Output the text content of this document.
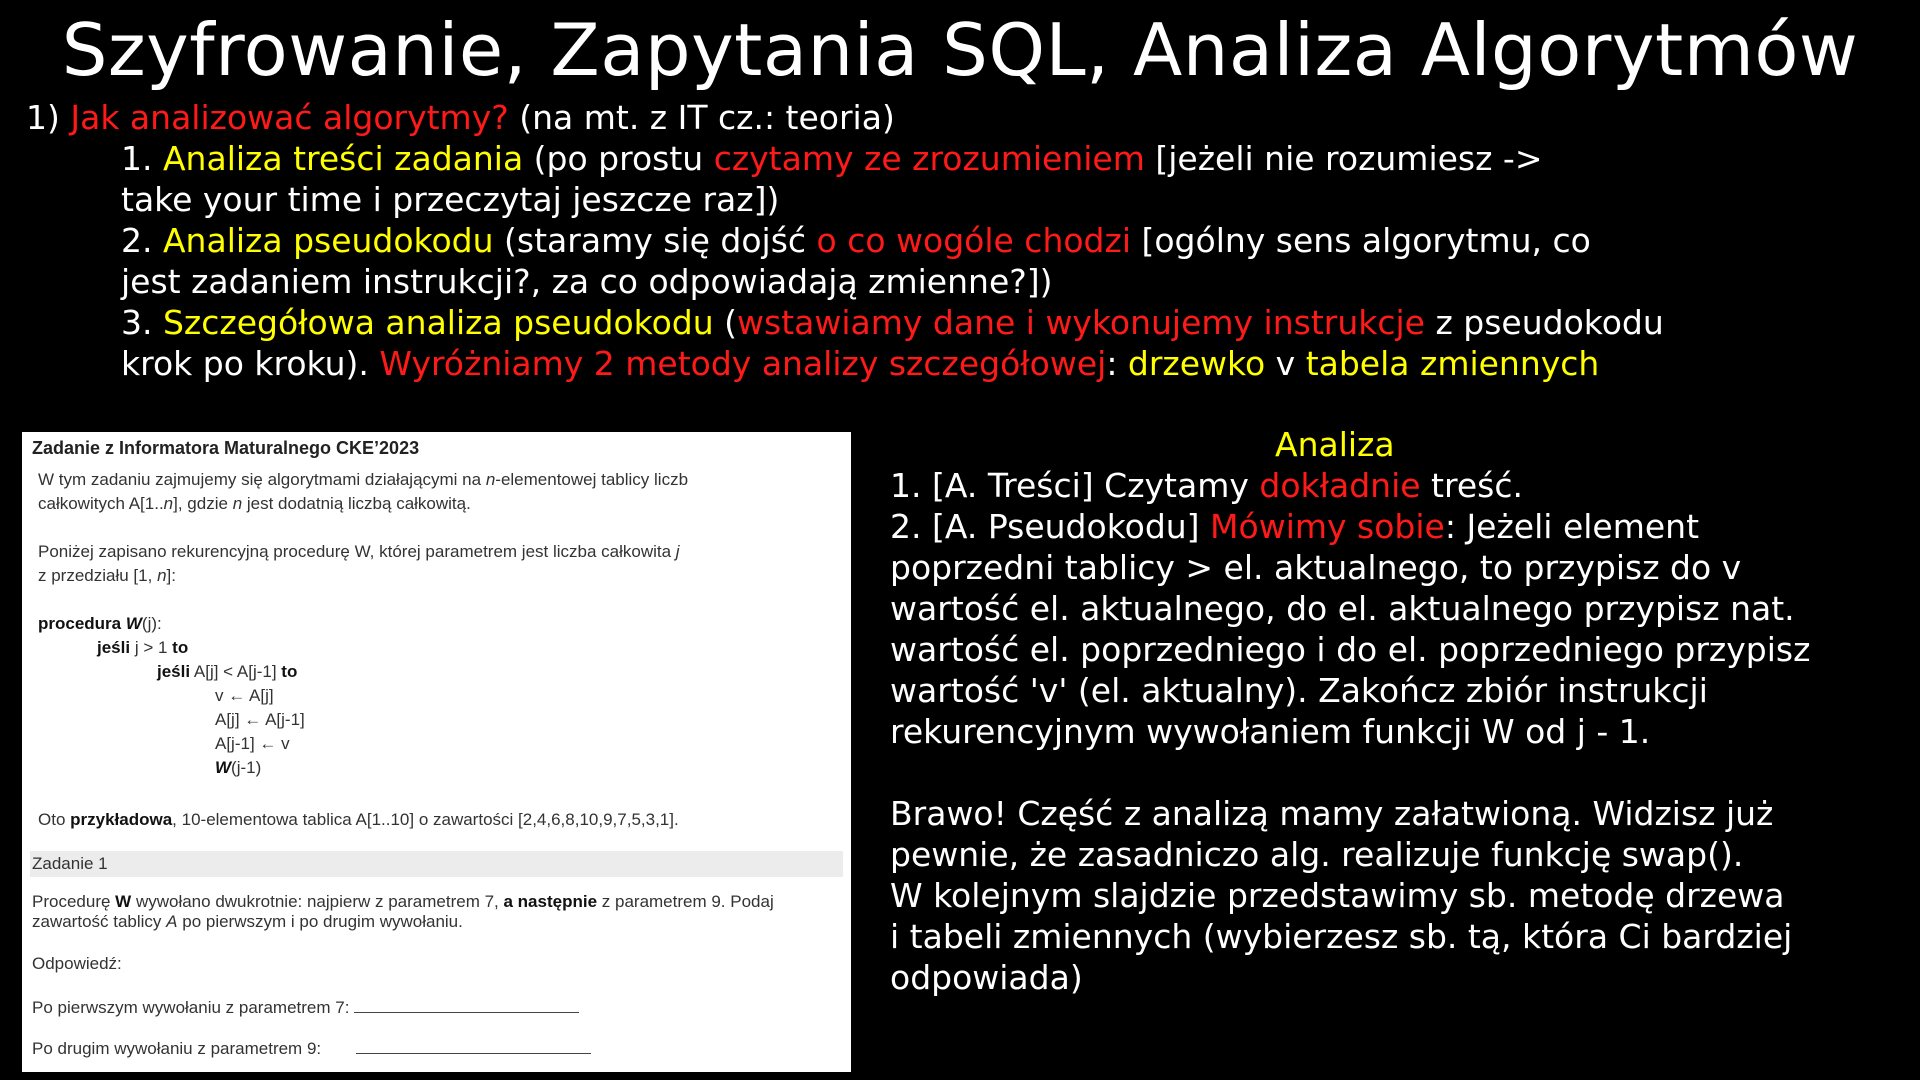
Szyfrowanie, Zapytania SQL, Analiza Algorytmów
1) Jak analizować algorytmy? (na mt. z IT cz.: teoria)
1. Analiza treści zadania (po prostu czytamy ze zrozumieniem [jeżeli nie rozumiesz ->
take your time i przeczytaj jeszcze raz])
2. Analiza pseudokodu (staramy się dojść o co wogóle chodzi [ogólny sens algorytmu, co
jest zadaniem instrukcji?, za co odpowiadają zmienne?])
3. Szczegółowa analiza pseudokodu (wstawiamy dane i wykonujemy instrukcje z pseudokodu
krok po kroku). Wyróżniamy 2 metody analizy szczegółowej: drzewko v tabela zmiennych
Zadanie z Informatora Maturalnego CKE’2023
W tym zadaniu zajmujemy się algorytmami działającymi na n-elementowej tablicy liczb
całkowitych A[1..n], gdzie n jest dodatnią liczbą całkowitą.
Poniżej zapisano rekurencyjną procedurę W, której parametrem jest liczba całkowita j
z przedziału [1, n]:
procedura W(j):
jeśli j > 1 to
jeśli A[j] < A[j-1] to
v ← A[j]
A[j] ← A[j-1]
A[j-1] ← v
W(j-1)
Oto przykładowa, 10-elementowa tablica A[1..10] o zawartości [2,4,6,8,10,9,7,5,3,1].
Zadanie 1
Procedurę W wywołano dwukrotnie: najpierw z parametrem 7, a następnie z parametrem 9. Podaj
zawartość tablicy A po pierwszym i po drugim wywołaniu.
Odpowiedź:
Po pierwszym wywołaniu z parametrem 7:
Po drugim wywołaniu z parametrem 9:
Analiza
1. [A. Treści] Czytamy dokładnie treść.
2. [A. Pseudokodu] Mówimy sobie: Jeżeli element
poprzedni tablicy > el. aktualnego, to przypisz do v
wartość el. aktualnego, do el. aktualnego przypisz nat.
wartość el. poprzedniego i do el. poprzedniego przypisz
wartość 'v' (el. aktualny). Zakończ zbiór instrukcji
rekurencyjnym wywołaniem funkcji W od j - 1.
Brawo! Część z analizą mamy załatwioną. Widzisz już
pewnie, że zasadniczo alg. realizuje funkcję swap().
W kolejnym slajdzie przedstawimy sb. metodę drzewa
i tabeli zmiennych (wybierzesz sb. tą, która Ci bardziej
odpowiada)
